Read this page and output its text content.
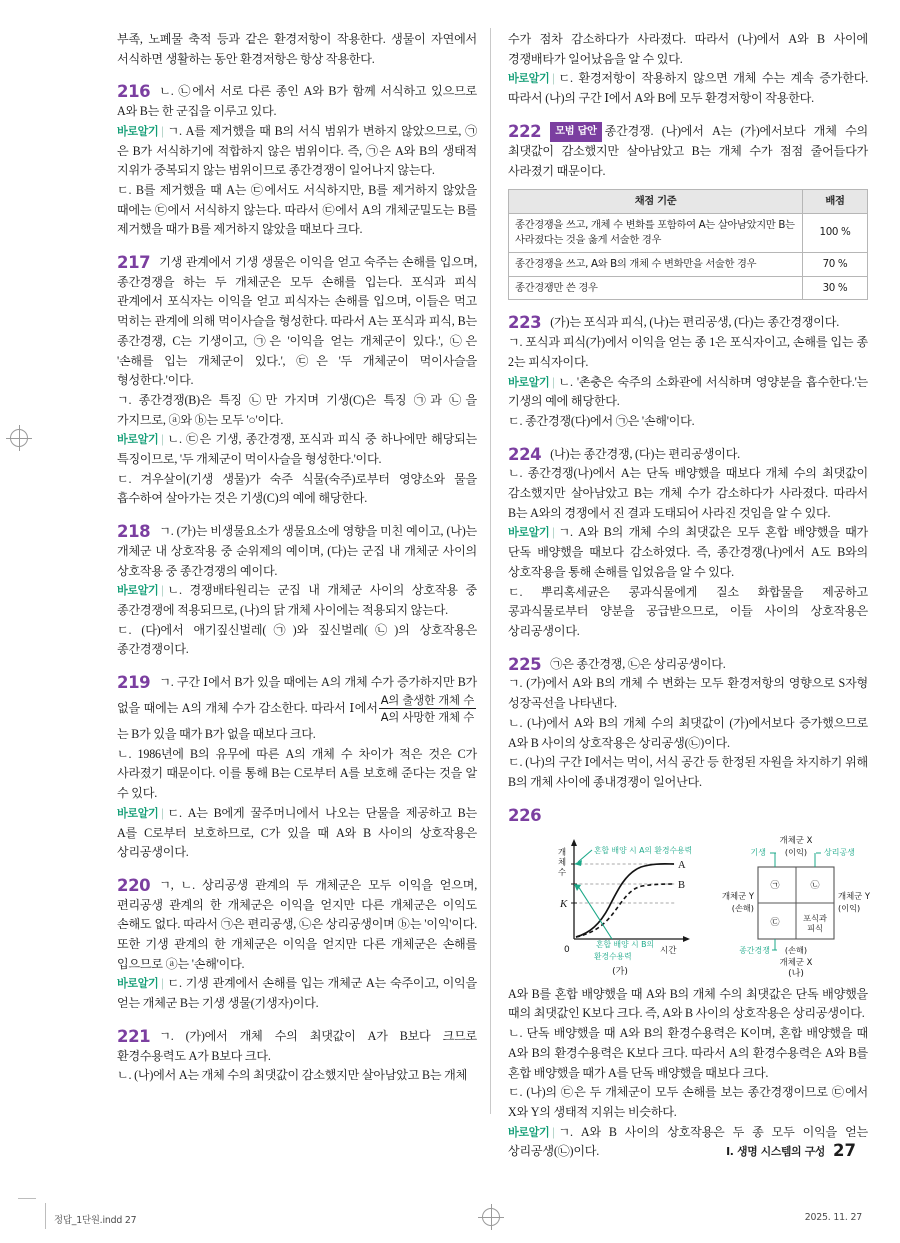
부족, 노폐물 축적 등과 같은 환경저항이 작용한다. 생물이 자연에서 서식하면 생활하는 동안 환경저항은 항상 작용한다.

216 ㄴ. ㉡에서 서로 다른 종인 A와 B가 함께 서식하고 있으므로 A와 B는 한 군집을 이루고 있다.
바로알기 | ㄱ. A를 제거했을 때 B의 서식 범위가 변하지 않았으므로, ㉠은 B가 서식하기에 적합하지 않은 범위이다. 즉, ㉠은 A와 B의 생태적 지위가 중복되지 않는 범위이므로 종간경쟁이 일어나지 않는다.
ㄷ. B를 제거했을 때 A는 ㉢에서도 서식하지만, B를 제거하지 않았을 때에는 ㉢에서 서식하지 않는다. 따라서 ㉢에서 A의 개체군밀도는 B를 제거했을 때가 B를 제거하지 않았을 때보다 크다.
217 기생 관계에서 기생 생물은 이익을 얻고 숙주는 손해를 입으며, 종간경쟁을 하는 두 개체군은 모두 손해를 입는다. 포식과 피식 관계에서 포식자는 이익을 얻고 피식자는 손해를 입으며, 이들은 먹고 먹히는 관계에 의해 먹이사슬을 형성한다. 따라서 A는 포식과 피식, B는 종간경쟁, C는 기생이고, ㉠은 '이익을 얻는 개체군이 있다.', ㉡은 '손해를 입는 개체군이 있다.', ㉢은 '두 개체군이 먹이사슬을 형성한다.'이다.
ㄱ. 종간경쟁(B)은 특징 ㉡만 가지며 기생(C)은 특징 ㉠과 ㉡을 가지므로, ⓐ와 ⓑ는 모두 '○'이다.
바로알기 | ㄴ. ㉢은 기생, 종간경쟁, 포식과 피식 중 하나에만 해당되는 특징이므로, '두 개체군이 먹이사슬을 형성한다.'이다.
ㄷ. 겨우살이(기생 생물)가 숙주 식물(숙주)로부터 영양소와 물을 흡수하여 살아가는 것은 기생(C)의 예에 해당한다.
218 ㄱ. (가)는 비생물요소가 생물요소에 영향을 미친 예이고, (나)는 개체군 내 상호작용 중 순위제의 예이며, (다)는 군집 내 개체군 사이의 상호작용 중 종간경쟁의 예이다.
바로알기 | ㄴ. 경쟁배타원리는 군집 내 개체군 사이의 상호작용 중 종간경쟁에 적용되므로, (나)의 닭 개체 사이에는 적용되지 않는다.
ㄷ. (다)에서 애기짚신벌레(㉠)와 짚신벌레(㉡)의 상호작용은 종간경쟁이다.
219 ㄱ. 구간 Ⅰ에서 B가 있을 때에는 A의 개체 수가 증가하지만 B가 없을 때에는 A의 개체 수가 감소한다. 따라서 Ⅰ에서 $\frac{\text{A의 출생한 개체 수}}{\text{A의 사망한 개체 수}}$
는 B가 있을 때가 B가 없을 때보다 크다.
ㄴ. 1986년에 B의 유무에 따른 A의 개체 수 차이가 적은 것은 C가 사라졌기 때문이다. 이를 통해 B는 C로부터 A를 보호해 준다는 것을 알 수 있다.
바로알기 | ㄷ. A는 B에게 꿀주머니에서 나오는 단물을 제공하고 B는 A를 C로부터 보호하므로, C가 있을 때 A와 B 사이의 상호작용은 상리공생이다.
220 ㄱ, ㄴ. 상리공생 관계의 두 개체군은 모두 이익을 얻으며, 편리공생 관계의 한 개체군은 이익을 얻지만 다른 개체군은 이익도 손해도 없다. 따라서 ㉠은 편리공생, ㉡은 상리공생이며 ⓑ는 '이익'이다. 또한 기생 관계의 한 개체군은 이익을 얻지만 다른 개체군은 손해를 입으므로 ⓐ는 '손해'이다.
바로알기 | ㄷ. 기생 관계에서 손해를 입는 개체군 A는 숙주이고, 이익을 얻는 개체군 B는 기생 생물(기생자)이다.
221 ㄱ. (가)에서 개체 수의 최댓값이 A가 B보다 크므로 환경수용력도 A가 B보다 크다.
ㄴ. (나)에서 A는 개체 수의 최댓값이 감소했지만 살아남았고 B는 개체

수가 점차 감소하다가 사라졌다. 따라서 (나)에서 A와 B 사이에 경쟁배타가 일어났음을 알 수 있다.

바로알기 | ㄷ. 환경저항이 작용하지 않으면 개체 수는 계속 증가한다. 따라서 (나)의 구간 Ⅰ에서 A와 B에 모두 환경저항이 작용한다.
222	모범 답안 종간경쟁. (나)에서 A는 (가)에서보다 개체 수의 최댓값이 감소했지만 살아남았고 B는 개체 수가 점점 줄어들다가 사라졌기 때문이다.
채점 기준	배점
종간경쟁을 쓰고, 개체 수 변화를 포함하여 A는 살아남았지만 B는 사라졌다는 것을 옳게 서술한 경우	100 %
종간경쟁을 쓰고, A와 B의 개체 수 변화만을 서술한 경우	70 %
종간경쟁만 쓴 경우	30 %
223 (가)는 포식과 피식, (나)는 편리공생, (다)는 종간경쟁이다.
ㄱ. 포식과 피식(가)에서 이익을 얻는 종 1은 포식자이고, 손해를 입는 종 2는 피식자이다.
바로알기 | ㄴ. '촌충은 숙주의 소화관에 서식하며 영양분을 흡수한다.'는 기생의 예에 해당한다.
ㄷ. 종간경쟁(다)에서 ㉠은 '손해'이다.
224 (나)는 종간경쟁, (다)는 편리공생이다.
ㄴ. 종간경쟁(나)에서 A는 단독 배양했을 때보다 개체 수의 최댓값이 감소했지만 살아남았고 B는 개체 수가 감소하다가 사라졌다. 따라서 B는 A와의 경쟁에서 진 결과 도태되어 사라진 것임을 알 수 있다.
바로알기 | ㄱ. A와 B의 개체 수의 최댓값은 모두 혼합 배양했을 때가 단독 배양했을 때보다 감소하였다. 즉, 종간경쟁(나)에서 A도 B와의 상호작용을 통해 손해를 입었음을 알 수 있다.
ㄷ. 뿌리혹세균은 콩과식물에게 질소 화합물을 제공하고 콩과식물로부터 양분을 공급받으므로, 이들 사이의 상호작용은 상리공생이다.
225 ㉠은 종간경쟁, ㉡은 상리공생이다.
ㄱ. (가)에서 A와 B의 개체 수 변화는 모두 환경저항의 영향으로 S자형 성장곡선을 나타낸다.
ㄴ. (나)에서 A와 B의 개체 수의 최댓값이 (가)에서보다 증가했으므로 A와 B 사이의 상호작용은 상리공생(㉡)이다.
ㄷ. (나)의 구간 Ⅰ에서는 먹이, 서식 공간 등 한정된 자원을 차지하기 위해 B의 개체 사이에 종내경쟁이 일어난다.
226
A
B
개
체
수
K
0	시간
혼합 배양 시 A의 환경수용력
혼합 배양 시 B의
환경수용력
(가)
㉠	㉡
㉢	포식과
피식
개체군 X
(이익)
기생	상리공생
개체군 Y
(손해)
개체군 Y
(이익)
(손해)
개체군 X
종간경쟁
(나)
A와 B를 혼합 배양했을 때 A와 B의 개체 수의 최댓값은 단독 배양했을 때의 최댓값인 K보다 크다. 즉, A와 B 사이의 상호작용은 상리공생이다.
ㄴ. 단독 배양했을 때 A와 B의 환경수용력은 K이며, 혼합 배양했을 때 A와 B의 환경수용력은 K보다 크다. 따라서 A의 환경수용력은 A와 B를 혼합 배양했을 때가 A를 단독 배양했을 때보다 크다.
ㄷ. (나)의 ㉢은 두 개체군이 모두 손해를 보는 종간경쟁이므로 ㉢에서 X와 Y의 생태적 지위는 비슷하다.
바로알기 | ㄱ. A와 B 사이의 상호작용은 두 종 모두 이익을 얻는 상리공생(㉡)이다.	Ⅰ. 생명 시스템의 구성 27
정답_1단원.indd 27	2025. 11. 27
